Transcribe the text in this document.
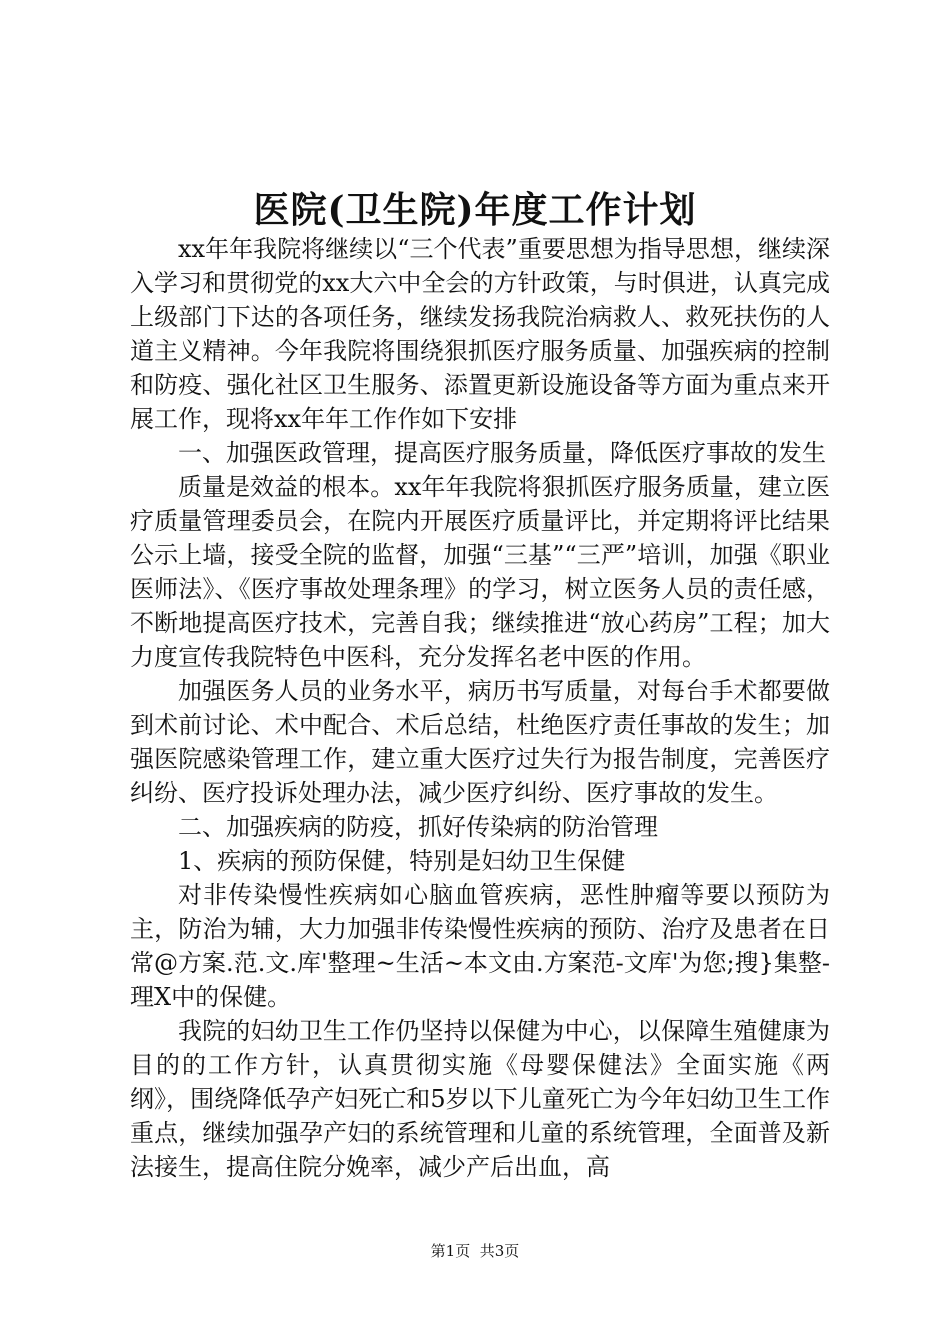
医院(卫生院)年度工作计划

xx年年我院将继续以“三个代表”重要思想为指导思想，继续深入学习和贯彻党的xx大六中全会的方针政策，与时俱进，认真完成上级部门下达的各项任务，继续发扬我院治病救人、救死扶伤的人道主义精神。今年我院将围绕狠抓医疗服务质量、加强疾病的控制和防疫、强化社区卫生服务、添置更新设施设备等方面为重点来开展工作，现将xx年年工作作如下安排

一、加强医政管理，提高医疗服务质量，降低医疗事故的发生

质量是效益的根本。xx年年我院将狠抓医疗服务质量，建立医疗质量管理委员会，在院内开展医疗质量评比，并定期将评比结果公示上墙，接受全院的监督，加强“三基”“三严”培训，加强《职业医师法》、《医疗事故处理条理》的学习，树立医务人员的责任感，不断地提高医疗技术，完善自我；继续推进“放心药房”工程；加大力度宣传我院特色中医科，充分发挥名老中医的作用。

加强医务人员的业务水平，病历书写质量，对每台手术都要做到术前讨论、术中配合、术后总结，杜绝医疗责任事故的发生；加强医院感染管理工作，建立重大医疗过失行为报告制度，完善医疗纠纷、医疗投诉处理办法，减少医疗纠纷、医疗事故的发生。

二、加强疾病的防疫，抓好传染病的防治管理

1、疾病的预防保健，特别是妇幼卫生保健

对非传染慢性疾病如心脑血管疾病，恶性肿瘤等要以预防为主，防治为辅，大力加强非传染慢性疾病的预防、治疗及患者在日常@方案.范.文.库'整理~生活~本文由.方案范-文库'为您;搜}集整-理X中的保健。

我院的妇幼卫生工作仍坚持以保健为中心，以保障生殖健康为目的的工作方针，认真贯彻实施《母婴保健法》全面实施《两纲》，围绕降低孕产妇死亡和5岁以下儿童死亡为今年妇幼卫生工作重点，继续加强孕产妇的系统管理和儿童的系统管理，全面普及新法接生，提高住院分娩率，减少产后出血，高

第1页 共3页
